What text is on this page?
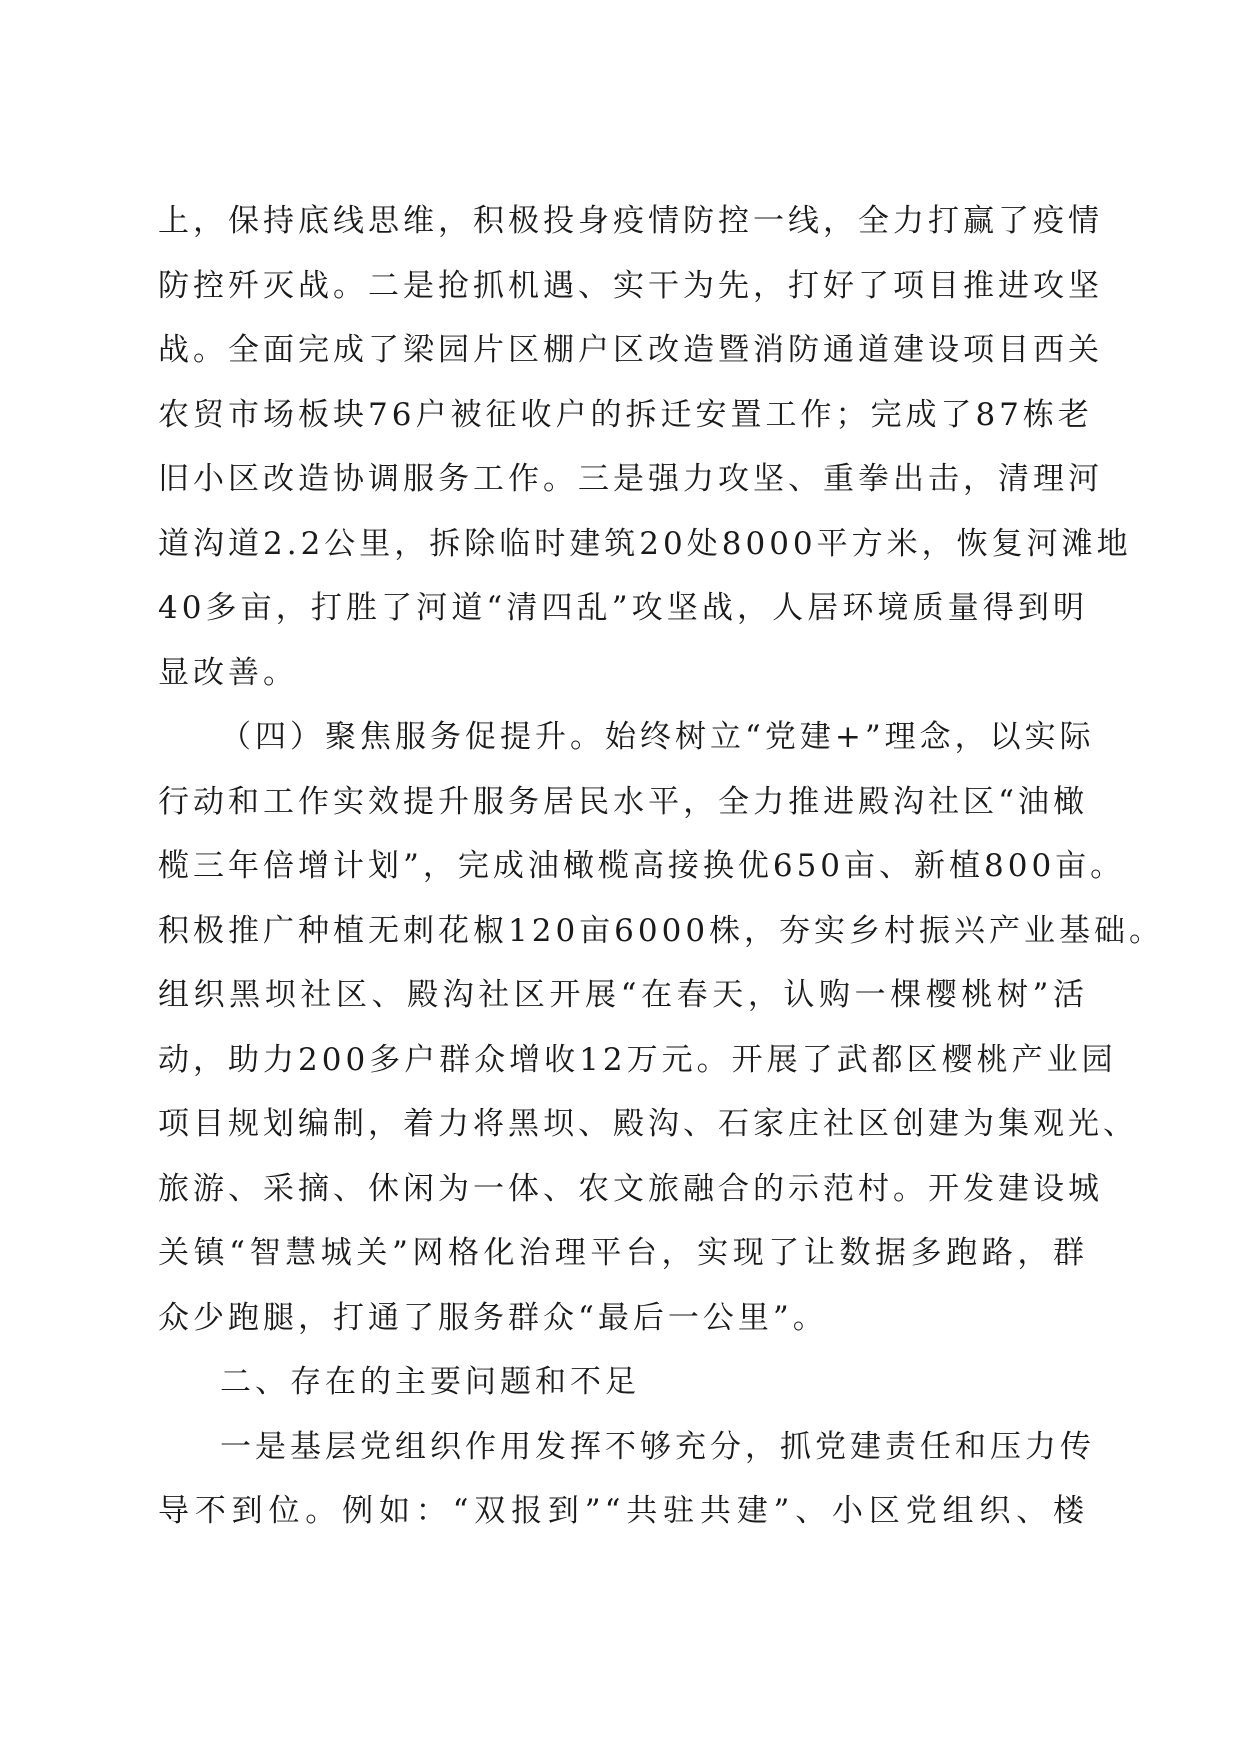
上，保持底线思维，积极投身疫情防控一线，全力打赢了疫情
防控歼灭战。二是抢抓机遇、实干为先，打好了项目推进攻坚
战。全面完成了梁园片区棚户区改造暨消防通道建设项目西关
农贸市场板块76户被征收户的拆迁安置工作；完成了87栋老
旧小区改造协调服务工作。三是强力攻坚、重拳出击，清理河
道沟道2.2公里，拆除临时建筑20处8000平方米，恢复河滩地
40多亩，打胜了河道“清四乱”攻坚战，人居环境质量得到明
显改善。
（四）聚焦服务促提升。始终树立“党建+”理念，以实际
行动和工作实效提升服务居民水平，全力推进殿沟社区“油橄
榄三年倍增计划”，完成油橄榄高接换优650亩、新植800亩。
积极推广种植无刺花椒120亩6000株，夯实乡村振兴产业基础。
组织黑坝社区、殿沟社区开展“在春天，认购一棵樱桃树”活
动，助力200多户群众增收12万元。开展了武都区樱桃产业园
项目规划编制，着力将黑坝、殿沟、石家庄社区创建为集观光、
旅游、采摘、休闲为一体、农文旅融合的示范村。开发建设城
关镇“智慧城关”网格化治理平台，实现了让数据多跑路，群
众少跑腿，打通了服务群众“最后一公里”。
二、存在的主要问题和不足
一是基层党组织作用发挥不够充分，抓党建责任和压力传
导不到位。例如：“双报到”“共驻共建”、小区党组织、楼
